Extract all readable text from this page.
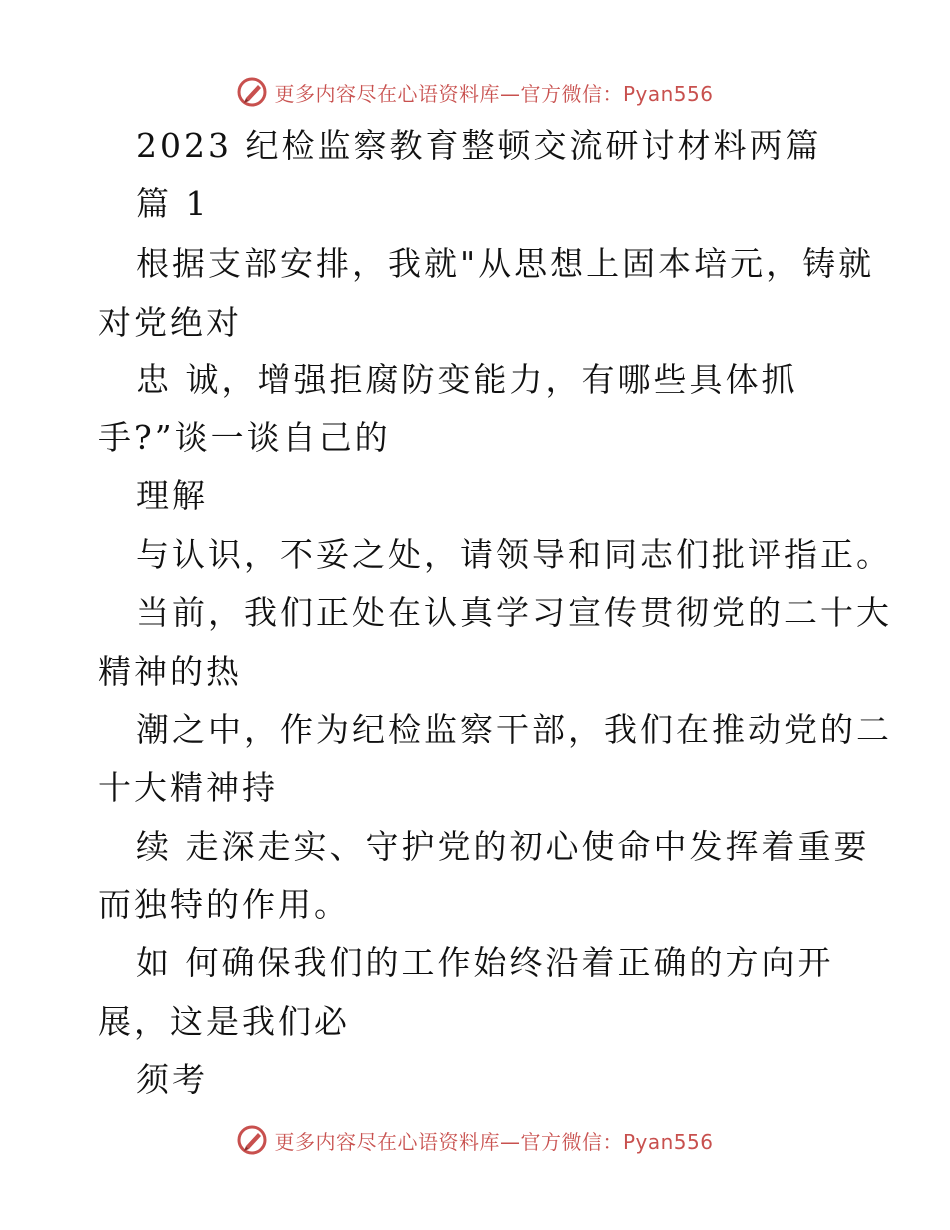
更多内容尽在心语资料库—官方微信：Pyan556
2023 纪检监察教育整顿交流研讨材料两篇
篇 1
根据支部安排，我就"从思想上固本培元，铸就
对党绝对
忠 诚，增强拒腐防变能力，有哪些具体抓
手?”谈一谈自己的
理解
与认识，不妥之处，请领导和同志们批评指正。
当前，我们正处在认真学习宣传贯彻党的二十大
精神的热
潮之中，作为纪检监察干部，我们在推动党的二
十大精神持
续 走深走实、守护党的初心使命中发挥着重要
而独特的作用。
如 何确保我们的工作始终沿着正确的方向开
展，这是我们必
须考
更多内容尽在心语资料库—官方微信：Pyan556
